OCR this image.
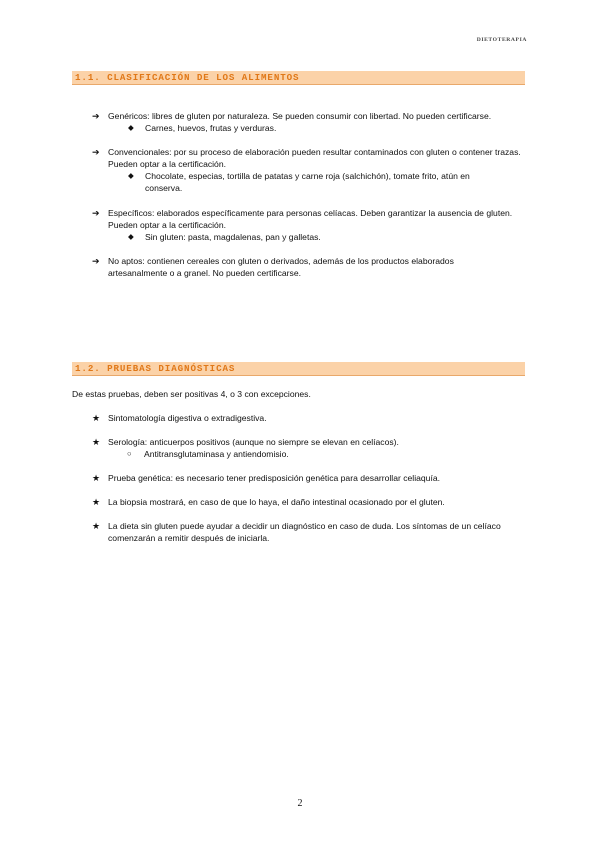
DIETOTERAPIA
1.1. CLASIFICACIÓN DE LOS ALIMENTOS
➔ Genéricos: libres de gluten por naturaleza. Se pueden consumir con libertad. No pueden certificarse.
◆ Carnes, huevos, frutas y verduras.
➔ Convencionales: por su proceso de elaboración pueden resultar contaminados con gluten o contener trazas. Pueden optar a la certificación.
◆ Chocolate, especias, tortilla de patatas y carne roja (salchichón), tomate frito, atún en conserva.
➔ Específicos: elaborados específicamente para personas celíacas. Deben garantizar la ausencia de gluten. Pueden optar a la certificación.
◆ Sin gluten: pasta, magdalenas, pan y galletas.
➔ No aptos: contienen cereales con gluten o derivados, además de los productos elaborados artesanalmente o a granel. No pueden certificarse.
1.2. PRUEBAS DIAGNÓSTICAS
De estas pruebas, deben ser positivas 4, o 3 con excepciones.
★ Sintomatología digestiva o extradigestiva.
★ Serología: anticuerpos positivos (aunque no siempre se elevan en celíacos).
○ Antitransglutaminasa y antiendomisio.
★ Prueba genética: es necesario tener predisposición genética para desarrollar celiaquía.
★ La biopsia mostrará, en caso de que lo haya, el daño intestinal ocasionado por el gluten.
★ La dieta sin gluten puede ayudar a decidir un diagnóstico en caso de duda. Los síntomas de un celíaco comenzarán a remitir después de iniciarla.
2
